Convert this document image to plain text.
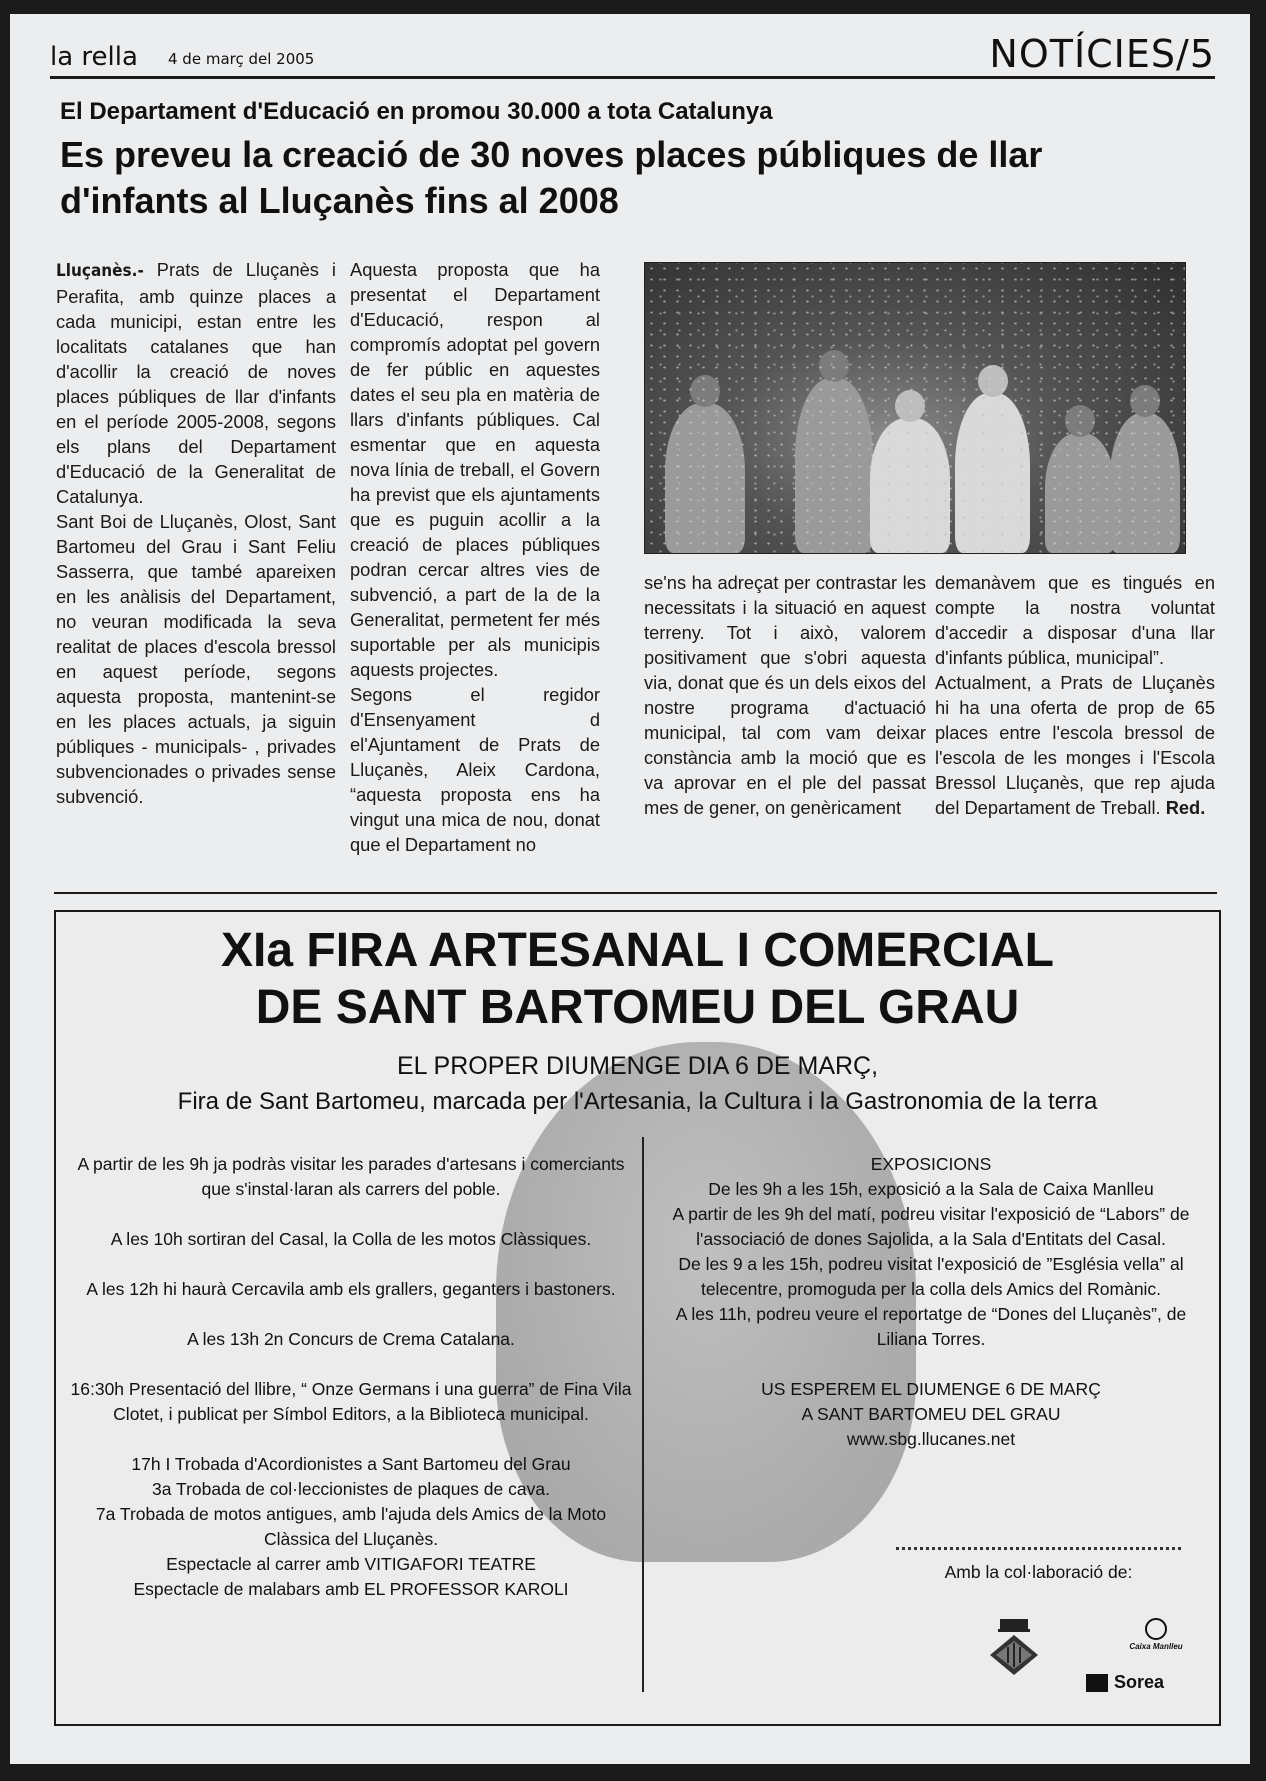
la rella 4 de març del 2005	NOTÍCIES/5
El Departament d'Educació en promou 30.000 a tota Catalunya
Es preveu la creació de 30 noves places públiques de llar d'infants al Lluçanès fins al 2008

Lluçanès.- Prats de Lluçanès i Perafita, amb quinze places a cada municipi, estan entre les localitats catalanes que han d'acollir la creació de noves places públiques de llar d'infants en el període 2005-2008, segons els plans del Departament d'Educació de la Generalitat de Catalunya.

Sant Boi de Lluçanès, Olost, Sant Bartomeu del Grau i Sant Feliu Sasserra, que també apareixen en les anàlisis del Departament, no veuran modificada la seva realitat de places d'escola bressol en aquest període, segons aquesta proposta, mantenint-se en les places actuals, ja siguin públiques - municipals- , privades subvencionades o privades sense subvenció.

Aquesta proposta que ha presentat el Departament d'Educació, respon al compromís adoptat pel govern de fer públic en aquestes dates el seu pla en matèria de llars d'infants públiques. Cal esmentar que en aquesta nova línia de treball, el Govern ha previst que els ajuntaments que es puguin acollir a la creació de places públiques podran cercar altres vies de subvenció, a part de la de la Generalitat, permetent fer més suportable per als municipis aquests projectes.

Segons el regidor d'Ensenyament d el'Ajuntament de Prats de Lluçanès, Aleix Cardona, “aquesta proposta ens ha vingut una mica de nou, donat que el Departament no

se'ns ha adreçat per contrastar les necessitats i la situació en aquest terreny. Tot i això, valorem positivament que s'obri aquesta via, donat que és un dels eixos del nostre programa d'actuació municipal, tal com vam deixar constància amb la moció que es va aprovar en el ple del passat mes de gener, on genèricament

demanàvem que es tingués en compte la nostra voluntat d'accedir a disposar d'una llar d'infants pública, municipal”.

Actualment, a Prats de Lluçanès hi ha una oferta de prop de 65 places entre l'escola bressol de l'escola de les monges i l'Escola Bressol Lluçanès, que rep ajuda del Departament de Treball. Red.

XIa FIRA ARTESANAL I COMERCIAL
DE SANT BARTOMEU DEL GRAU
EL PROPER DIUMENGE DIA 6 DE MARÇ,
Fira de Sant Bartomeu, marcada per l'Artesania, la Cultura i la Gastronomia de la terra

A partir de les 9h ja podràs visitar les parades d'artesans i comerciants que s'instal·laran als carrers del poble.

A les 10h sortiran del Casal, la Colla de les motos Clàssiques.

A les 12h hi haurà Cercavila amb els grallers, geganters i bastoners.

A les 13h 2n Concurs de Crema Catalana.

16:30h Presentació del llibre, “ Onze Germans i una guerra” de Fina Vila Clotet, i publicat per Símbol Editors, a la Biblioteca municipal.

17h I Trobada d'Acordionistes a Sant Bartomeu del Grau

3a Trobada de col·leccionistes de plaques de cava.

7a Trobada de motos antigues, amb l'ajuda dels Amics de la Moto Clàssica del Lluçanès.

Espectacle al carrer amb VITIGAFORI TEATRE

Espectacle de malabars amb EL PROFESSOR KAROLI

EXPOSICIONS

De les 9h a les 15h, exposició a la Sala de Caixa Manlleu

A partir de les 9h del matí, podreu visitar l'exposició de “Labors” de l'associació de dones Sajolida, a la Sala d'Entitats del Casal.

De les 9 a les 15h, podreu visitat l'exposició de ”Església vella” al telecentre, promoguda per la colla dels Amics del Romànic.

A les 11h, podreu veure el reportatge de “Dones del Lluçanès”, de Liliana Torres.

US ESPEREM EL DIUMENGE 6 DE MARÇ

A SANT BARTOMEU DEL GRAU

www.sbg.llucanes.net

Amb la col·laboració de:
Caixa Manlleu
Sorea
